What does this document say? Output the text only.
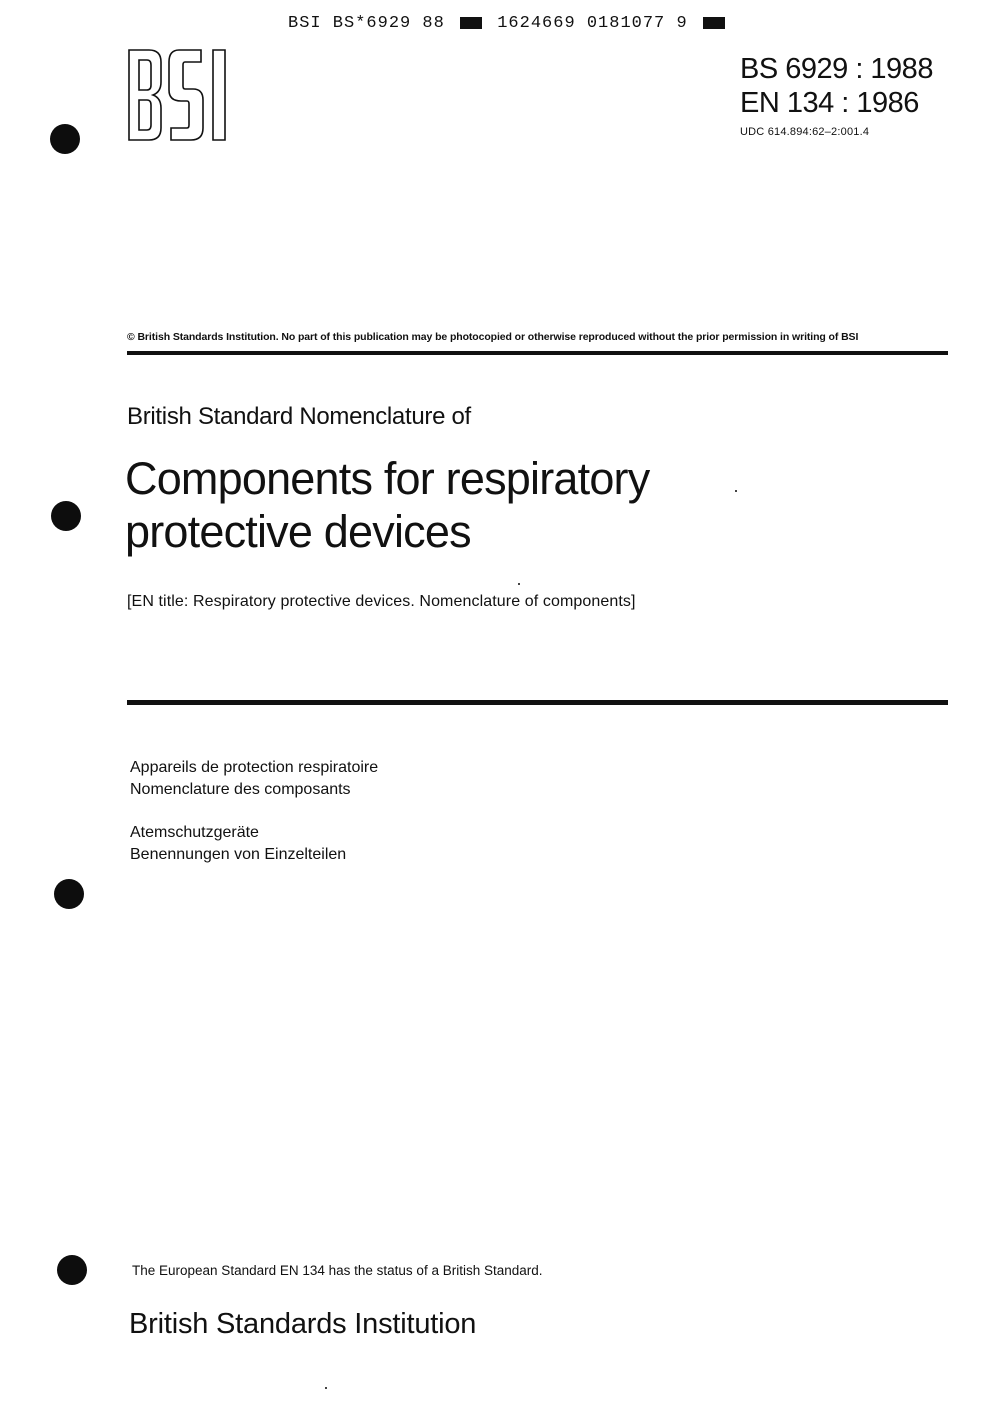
BSI BS*6929 88	1624669 0181077 9
BS 6929 : 1988
EN 134 : 1986
UDC 614.894:62–2:001.4
© British Standards Institution. No part of this publication may be photocopied or otherwise reproduced without the prior permission in writing of BSI
British Standard Nomenclature of
Components for respiratory
protective devices
[EN title: Respiratory protective devices. Nomenclature of components]
Appareils de protection respiratoire
Nomenclature des composants
Atemschutzgeräte
Benennungen von Einzelteilen
The European Standard EN 134 has the status of a British Standard.
British Standards Institution
